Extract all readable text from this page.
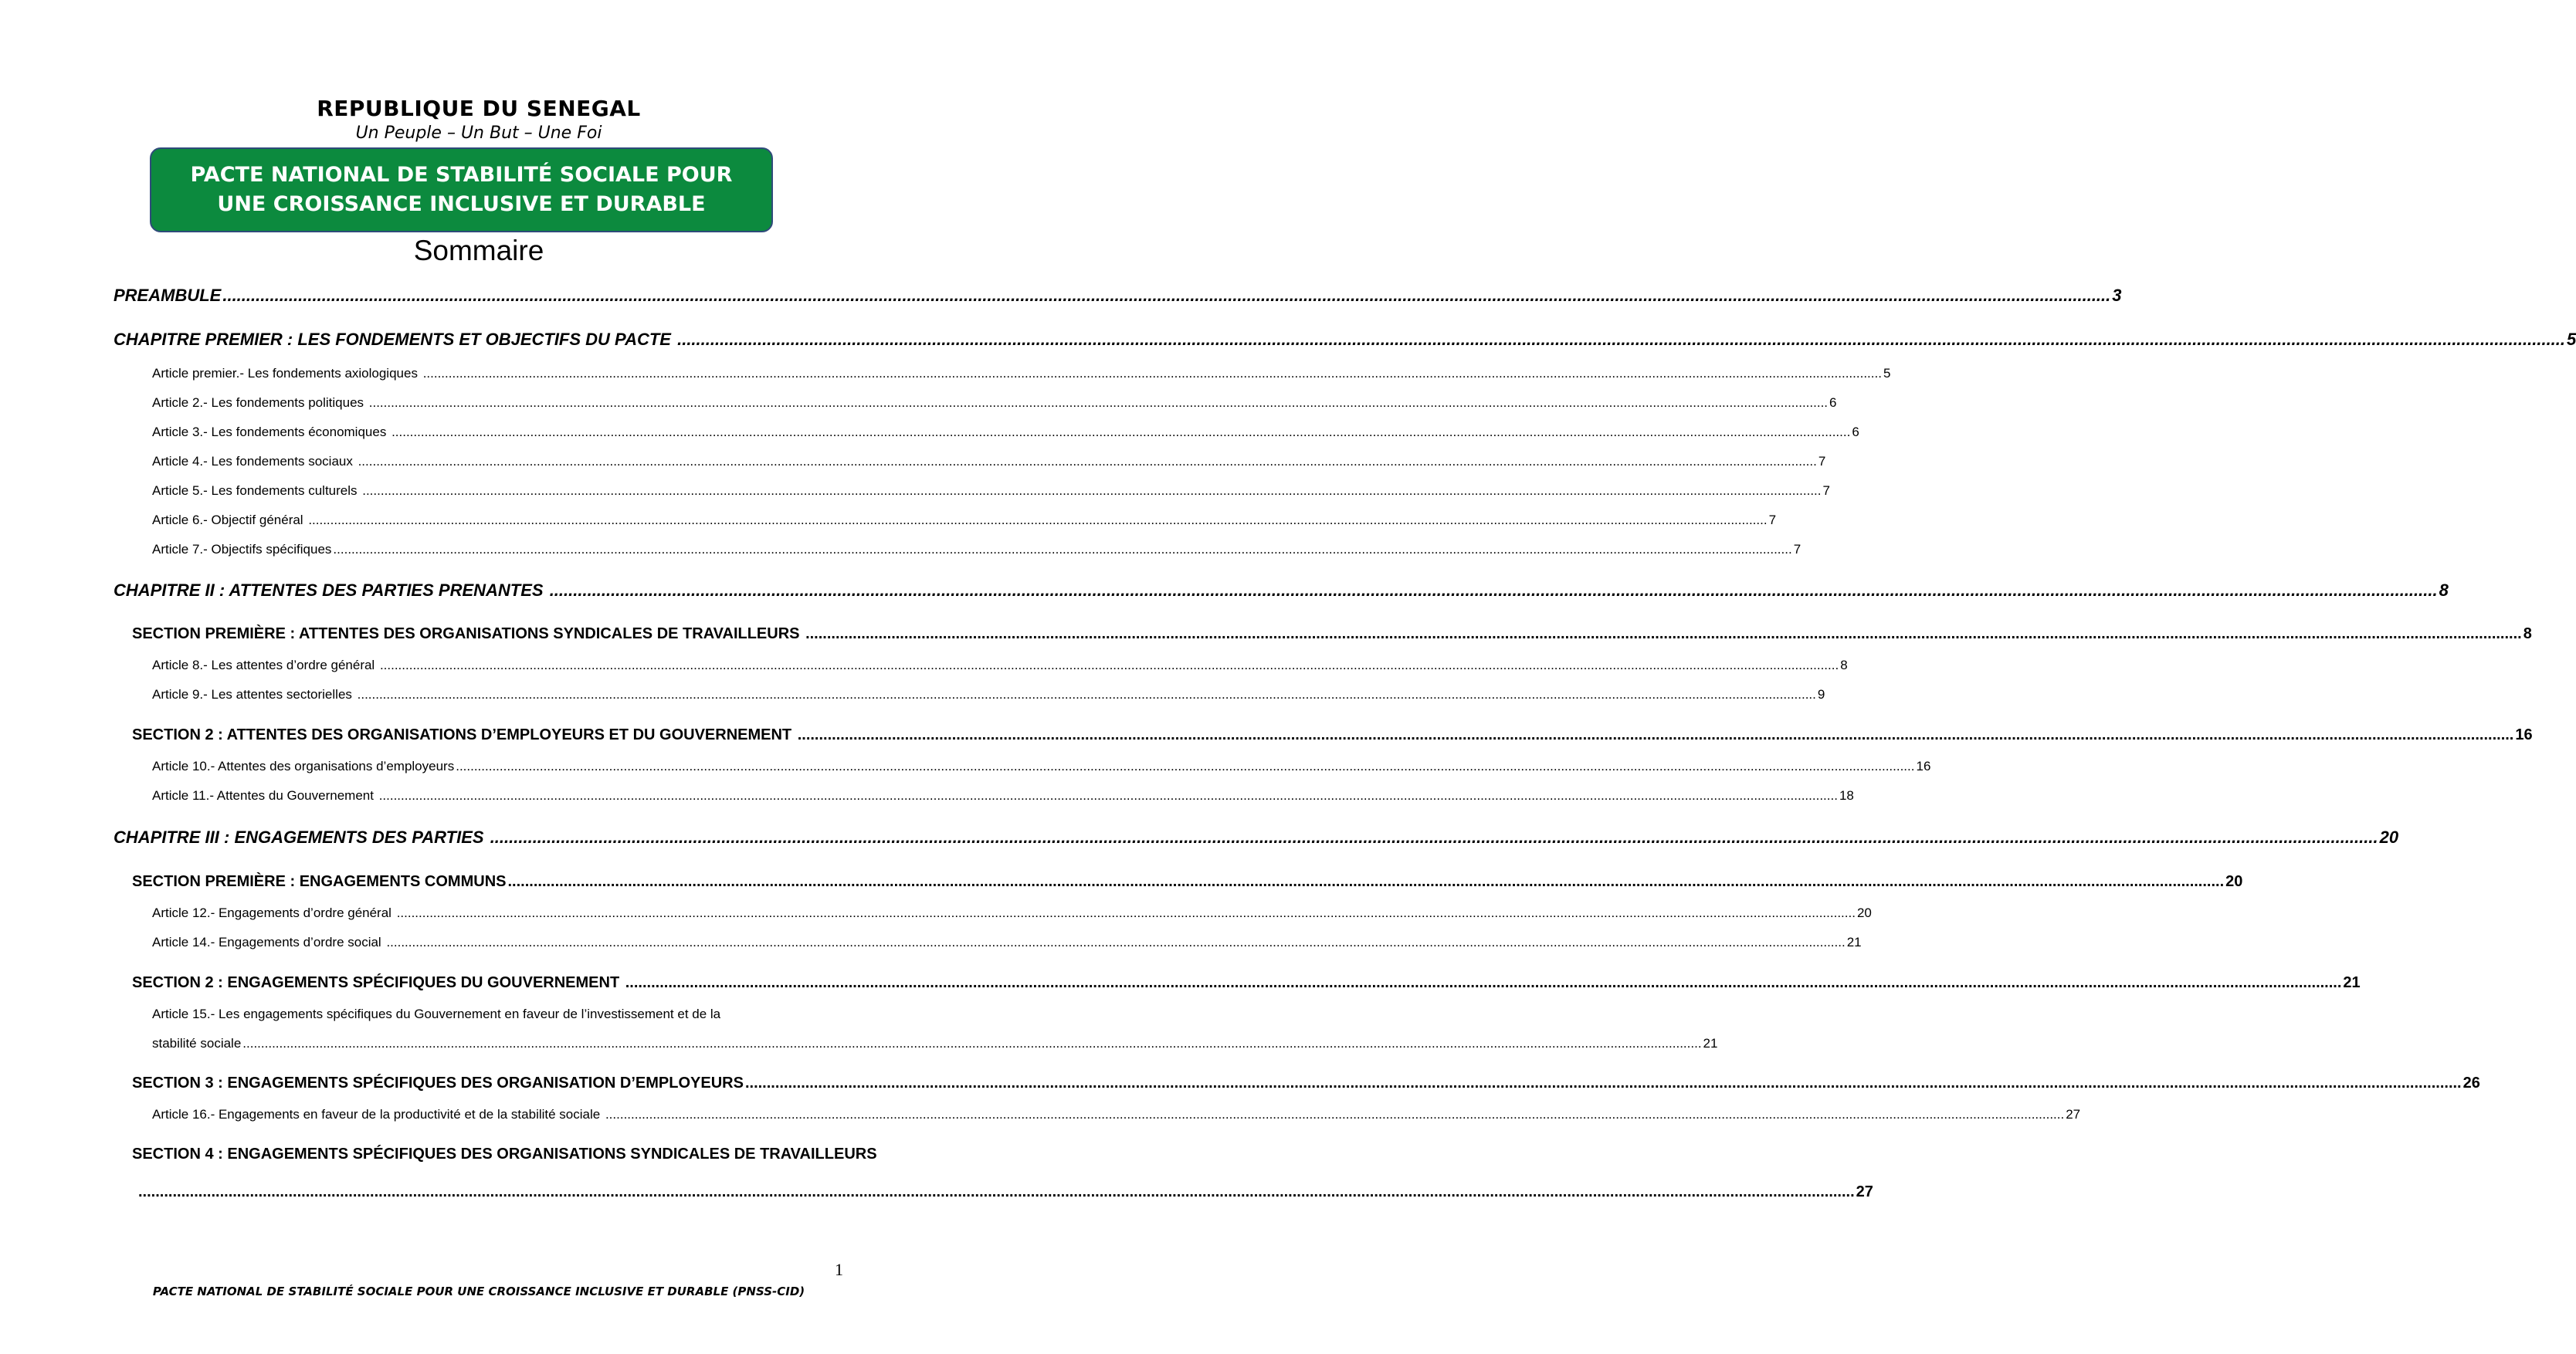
REPUBLIQUE DU SENEGAL
Un Peuple – Un But – Une Foi
PACTE NATIONAL DE STABILITÉ SOCIALE POUR
UNE CROISSANCE INCLUSIVE ET DURABLE
Sommaire
PREAMBULE ................................................................................................................................................................................................................................................................................................................................................................................................................ 3
CHAPITRE PREMIER : LES FONDEMENTS ET OBJECTIFS DU PACTE ................................................................................................................................................................................................................................................................................................................................................................................................................ 5
Article premier.- Les fondements axiologiques ................................................................................................................................................................................................................................................................................................................................................................................................................ 5
Article 2.- Les fondements politiques ................................................................................................................................................................................................................................................................................................................................................................................................................ 6
Article 3.- Les fondements économiques ................................................................................................................................................................................................................................................................................................................................................................................................................ 6
Article 4.- Les fondements sociaux ................................................................................................................................................................................................................................................................................................................................................................................................................ 7
Article 5.- Les fondements culturels ................................................................................................................................................................................................................................................................................................................................................................................................................ 7
Article 6.- Objectif général ................................................................................................................................................................................................................................................................................................................................................................................................................ 7
Article 7.- Objectifs spécifiques ................................................................................................................................................................................................................................................................................................................................................................................................................ 7
CHAPITRE II : ATTENTES DES PARTIES PRENANTES ................................................................................................................................................................................................................................................................................................................................................................................................................ 8
SECTION PREMIÈRE : ATTENTES DES ORGANISATIONS SYNDICALES DE TRAVAILLEURS ................................................................................................................................................................................................................................................................................................................................................................................................................ 8
Article 8.- Les attentes d’ordre général ................................................................................................................................................................................................................................................................................................................................................................................................................ 8
Article 9.- Les attentes sectorielles ................................................................................................................................................................................................................................................................................................................................................................................................................ 9
SECTION 2 : ATTENTES DES ORGANISATIONS D’EMPLOYEURS ET DU GOUVERNEMENT ................................................................................................................................................................................................................................................................................................................................................................................................................ 16
Article 10.- Attentes des organisations d’employeurs ................................................................................................................................................................................................................................................................................................................................................................................................................ 16
Article 11.- Attentes du Gouvernement ................................................................................................................................................................................................................................................................................................................................................................................................................ 18
CHAPITRE III : ENGAGEMENTS DES PARTIES ................................................................................................................................................................................................................................................................................................................................................................................................................ 20
SECTION PREMIÈRE : ENGAGEMENTS COMMUNS ................................................................................................................................................................................................................................................................................................................................................................................................................ 20
Article 12.- Engagements d’ordre général ................................................................................................................................................................................................................................................................................................................................................................................................................ 20
Article 14.- Engagements d’ordre social ................................................................................................................................................................................................................................................................................................................................................................................................................ 21
SECTION 2 : ENGAGEMENTS SPÉCIFIQUES DU GOUVERNEMENT ................................................................................................................................................................................................................................................................................................................................................................................................................ 21
Article 15.- Les engagements spécifiques du Gouvernement en faveur de l’investissement et de la
stabilité sociale ................................................................................................................................................................................................................................................................................................................................................................................................................ 21
SECTION 3 : ENGAGEMENTS SPÉCIFIQUES DES ORGANISATION D’EMPLOYEURS ................................................................................................................................................................................................................................................................................................................................................................................................................ 26
Article 16.- Engagements en faveur de la productivité et de la stabilité sociale ................................................................................................................................................................................................................................................................................................................................................................................................................ 27
SECTION 4 : ENGAGEMENTS SPÉCIFIQUES DES ORGANISATIONS SYNDICALES DE TRAVAILLEURS
................................................................................................................................................................................................................................................................................................................................................................................................................ 27
1
PACTE NATIONAL DE STABILITÉ SOCIALE POUR UNE CROISSANCE INCLUSIVE ET DURABLE (PNSS-CID)
